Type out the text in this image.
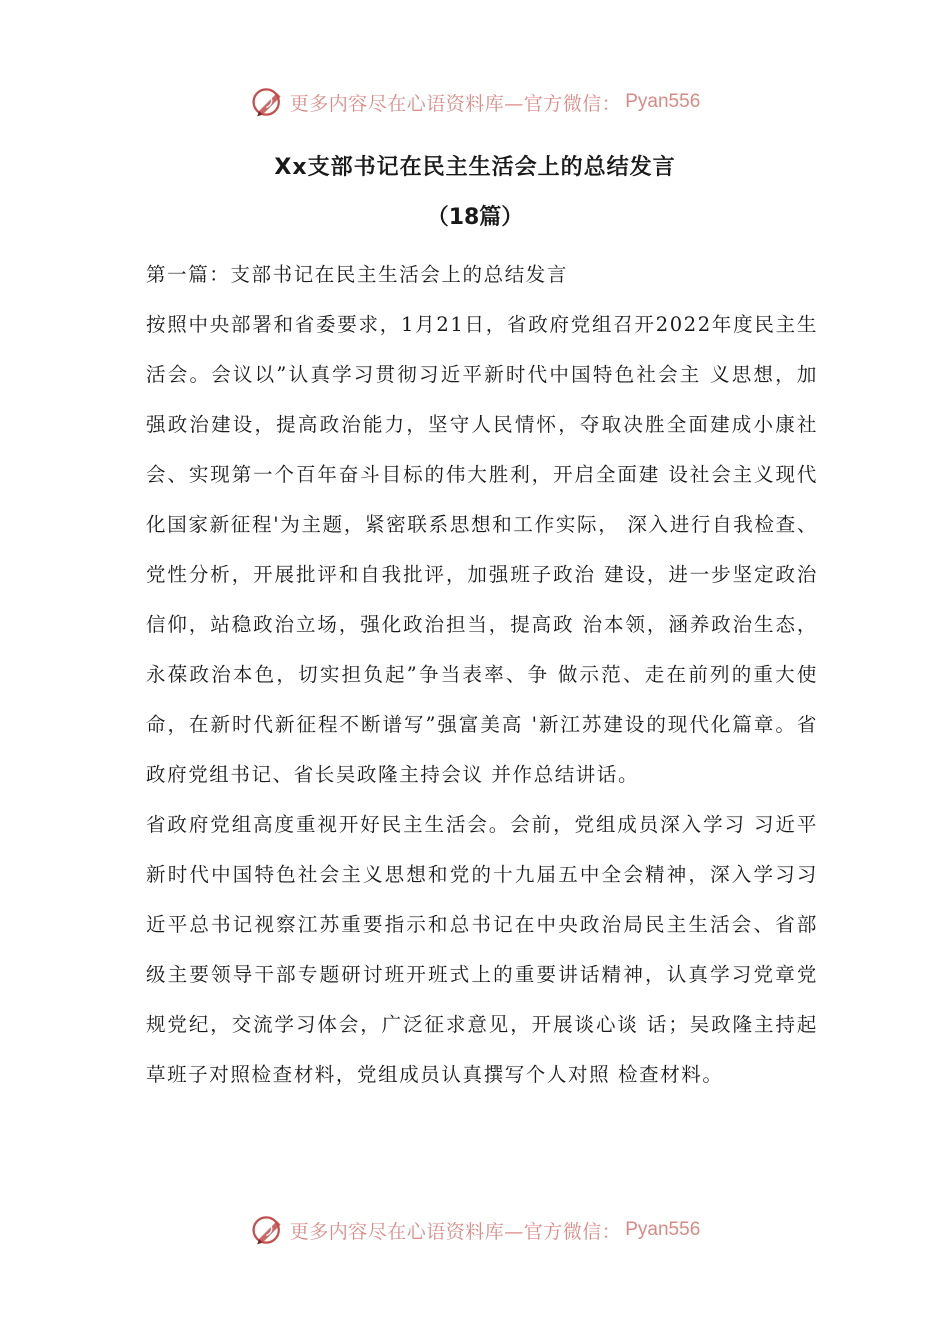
更多内容尽在心语资料库—官方微信： Pyan556
Xx支部书记在民主生活会上的总结发言
（18篇）

第一篇：支部书记在民主生活会上的总结发言

按照中央部署和省委要求，1月21日，省政府党组召开2022年度民主生活会。会议以”认真学习贯彻习近平新时代中国特色社会主 义思想，加强政治建设，提高政治能力，坚守人民情怀，夺取决胜全面建成小康社会、实现第一个百年奋斗目标的伟大胜利，开启全面建 设社会主义现代化国家新征程'为主题，紧密联系思想和工作实际， 深入进行自我检查、党性分析，开展批评和自我批评，加强班子政治 建设，进一步坚定政治信仰，站稳政治立场，强化政治担当，提高政 治本领，涵养政治生态，永葆政治本色，切实担负起”争当表率、争 做示范、走在前列的重大使命，在新时代新征程不断谱写”强富美高 '新江苏建设的现代化篇章。省政府党组书记、省长吴政隆主持会议 并作总结讲话。

省政府党组高度重视开好民主生活会。会前，党组成员深入学习 习近平新时代中国特色社会主义思想和党的十九届五中全会精神，深入学习习近平总书记视察江苏重要指示和总书记在中央政治局民主生活会、省部级主要领导干部专题研讨班开班式上的重要讲话精神，认真学习党章党规党纪，交流学习体会，广泛征求意见，开展谈心谈 话；吴政隆主持起草班子对照检查材料，党组成员认真撰写个人对照 检查材料。

更多内容尽在心语资料库—官方微信： Pyan556
